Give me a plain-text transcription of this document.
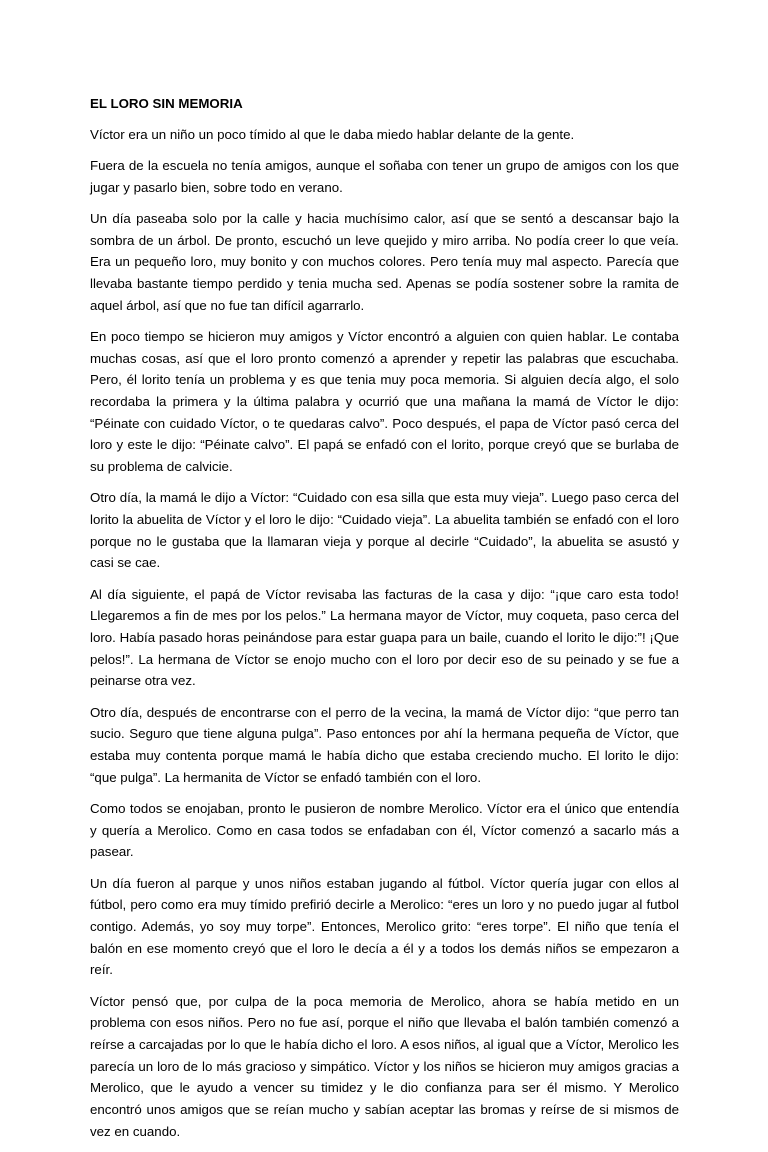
EL LORO SIN MEMORIA

Víctor era un niño un poco tímido al que le daba miedo hablar delante de la gente.

Fuera de la escuela no tenía amigos, aunque el soñaba con tener un grupo de amigos con los que jugar y pasarlo bien, sobre todo en verano.

Un día paseaba solo por la calle y hacia muchísimo calor, así que se sentó a descansar bajo la sombra de un árbol. De pronto, escuchó un leve quejido y miro arriba. No podía creer lo que veía. Era un pequeño loro, muy bonito y con muchos colores. Pero tenía muy mal aspecto. Parecía que llevaba bastante tiempo perdido y tenia mucha sed. Apenas se podía sostener sobre la ramita de aquel árbol, así que no fue tan difícil agarrarlo.

En poco tiempo se hicieron muy amigos y Víctor encontró a alguien con quien hablar. Le contaba muchas cosas, así que el loro pronto comenzó a aprender y repetir las palabras que escuchaba. Pero, él lorito tenía un problema y es que tenia muy poca memoria. Si alguien decía algo, el solo recordaba la primera y la última palabra y ocurrió que una mañana la mamá de Víctor le dijo: “Péinate con cuidado Víctor, o te quedaras calvo”. Poco después, el papa de Víctor pasó cerca del loro y este le dijo: “Péinate calvo”. El papá se enfadó con el lorito, porque creyó que se burlaba de su problema de calvicie.

Otro día, la mamá le dijo a Víctor: “Cuidado con esa silla que esta muy vieja”. Luego paso cerca del lorito la abuelita de Víctor y el loro le dijo: “Cuidado vieja”. La abuelita también se enfadó con el loro porque no le gustaba que la llamaran vieja y porque al decirle “Cuidado”, la abuelita se asustó y casi se cae.

Al día siguiente, el papá de Víctor revisaba las facturas de la casa y dijo: “¡que caro esta todo! Llegaremos a fin de mes por los pelos.” La hermana mayor de Víctor, muy coqueta, paso cerca del loro. Había pasado horas peinándose para estar guapa para un baile, cuando el lorito le dijo:”! ¡Que pelos!”. La hermana de Víctor se enojo mucho con el loro por decir eso de su peinado y se fue a peinarse otra vez.

Otro día, después de encontrarse con el perro de la vecina, la mamá de Víctor dijo: “que perro tan sucio. Seguro que tiene alguna pulga”. Paso entonces por ahí la hermana pequeña de Víctor, que estaba muy contenta porque mamá le había dicho que estaba creciendo mucho. El lorito le dijo: “que pulga”. La hermanita de Víctor se enfadó también con el loro.

Como todos se enojaban, pronto le pusieron de nombre Merolico. Víctor era el único que entendía y quería a Merolico. Como en casa todos se enfadaban con él, Víctor comenzó a sacarlo más a pasear.

Un día fueron al parque y unos niños estaban jugando al fútbol. Víctor quería jugar con ellos al fútbol, pero como era muy tímido prefirió decirle a Merolico: “eres un loro y no puedo jugar al futbol contigo. Además, yo soy muy torpe”. Entonces, Merolico grito: “eres torpe”. El niño que tenía el balón en ese momento creyó que el loro le decía a él y a todos los demás niños se empezaron a reír.

Víctor pensó que, por culpa de la poca memoria de Merolico, ahora se había metido en un problema con esos niños. Pero no fue así, porque el niño que llevaba el balón también comenzó a reírse a carcajadas por lo que le había dicho el loro. A esos niños, al igual que a Víctor, Merolico les parecía un loro de lo más gracioso y simpático. Víctor y los niños se hicieron muy amigos gracias a Merolico, que le ayudo a vencer su timidez y le dio confianza para ser él mismo. Y Merolico encontró unos amigos que se reían mucho y sabían aceptar las bromas y reírse de si mismos de vez en cuando.
